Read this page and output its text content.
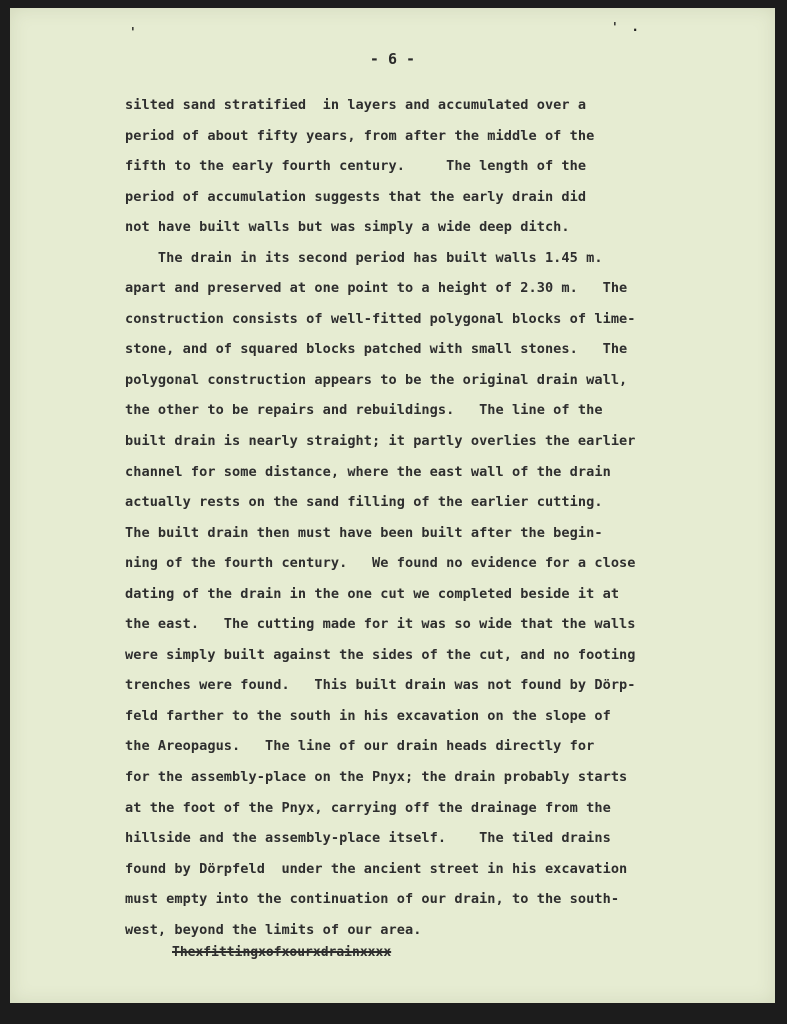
'	' .
- 6 -
silted sand stratified  in layers and accumulated over a
period of about fifty years, from after the middle of the
fifth to the early fourth century.     The length of the
period of accumulation suggests that the early drain did
not have built walls but was simply a wide deep ditch.
The drain in its second period has built walls 1.45 m.
apart and preserved at one point to a height of 2.30 m.   The
construction consists of well-fitted polygonal blocks of lime-
stone, and of squared blocks patched with small stones.   The
polygonal construction appears to be the original drain wall,
the other to be repairs and rebuildings.   The line of the
built drain is nearly straight; it partly overlies the earlier
channel for some distance, where the east wall of the drain
actually rests on the sand filling of the earlier cutting.
The built drain then must have been built after the begin-
ning of the fourth century.   We found no evidence for a close
dating of the drain in the one cut we completed beside it at
the east.   The cutting made for it was so wide that the walls
were simply built against the sides of the cut, and no footing
trenches were found.   This built drain was not found by Dörp-
feld farther to the south in his excavation on the slope of
the Areopagus.   The line of our drain heads directly for
for the assembly-place on the Pnyx; the drain probably starts
at the foot of the Pnyx, carrying off the drainage from the
hillside and the assembly-place itself.    The tiled drains
found by Dörpfeld  under the ancient street in his excavation
must empty into the continuation of our drain, to the south-
west, beyond the limits of our area.
Thexfittingxofxourxdrainxxxx
